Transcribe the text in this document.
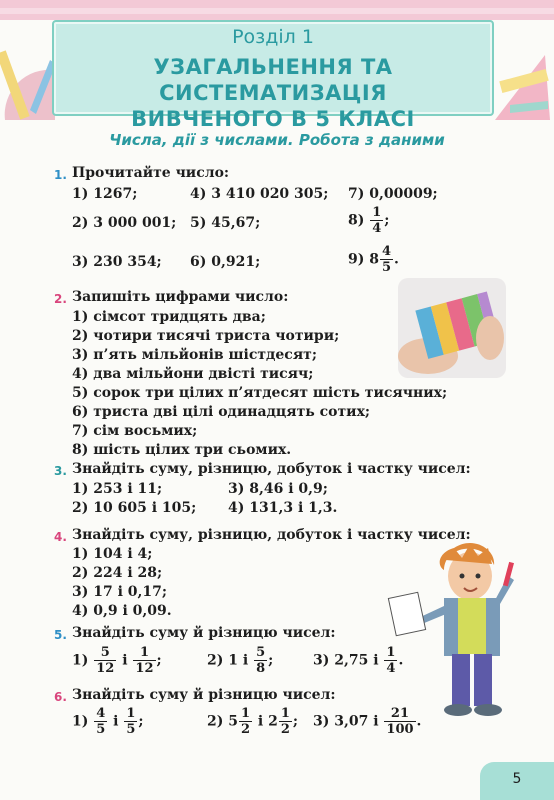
Розділ 1
УЗАГАЛЬНЕННЯ ТА СИСТЕМАТИЗАЦІЯ
ВИВЧЕНОГО В 5 КЛАСІ
Числа, дії з числами. Робота з даними
1. Прочитайте число:
1) 1267;	4) 3 410 020 305; 7) 0,00009;
2) 3 000 001; 5) 45,67;	$8) \frac{1}{4}$ ;
3) 230 354; 6) 0,921;	9) $8 \frac{4}{5}$ .
2. Запишіть цифрами число:
1) сімсот тридцять два;
2) чотири тисячі триста чотири;
3) п’ять мільйонів шістдесят;
4) два мільйони двісті тисяч;
5) сорок три цілих п’ятдесят шість тисячних;
6) триста дві цілі одинадцять сотих;
7) сім восьмих;
8) шість цілих три сьомих.
3. Знайдіть суму, різницю, добуток і частку чисел:
1) 253 і 11;	3) 8,46 і 0,9;
2) 10 605 і 105; 4) 131,3 і 1,3.
4. Знайдіть суму, різницю, добуток і частку чисел:
1) 104 і 4;
2) 224 і 28;
3) 17 і 0,17;
4) 0,9 і 0,09.
5. Знайдіть суму й різницю чисел:
$1) \frac{5}{12}$ і $\frac{1}{12}$ ;	2) 1 і $\frac{5}{8}$ ;	3) 2,75 і $\frac{1}{4}$ .
6. Знайдіть суму й різницю чисел:
$1) \frac{4}{5}$ і $\frac{1}{5}$ ;	2) $5 \frac{1}{2}$ і $2 \frac{1}{2}$ ; 3) 3,07 і $\frac{21}{100}$ .
5
